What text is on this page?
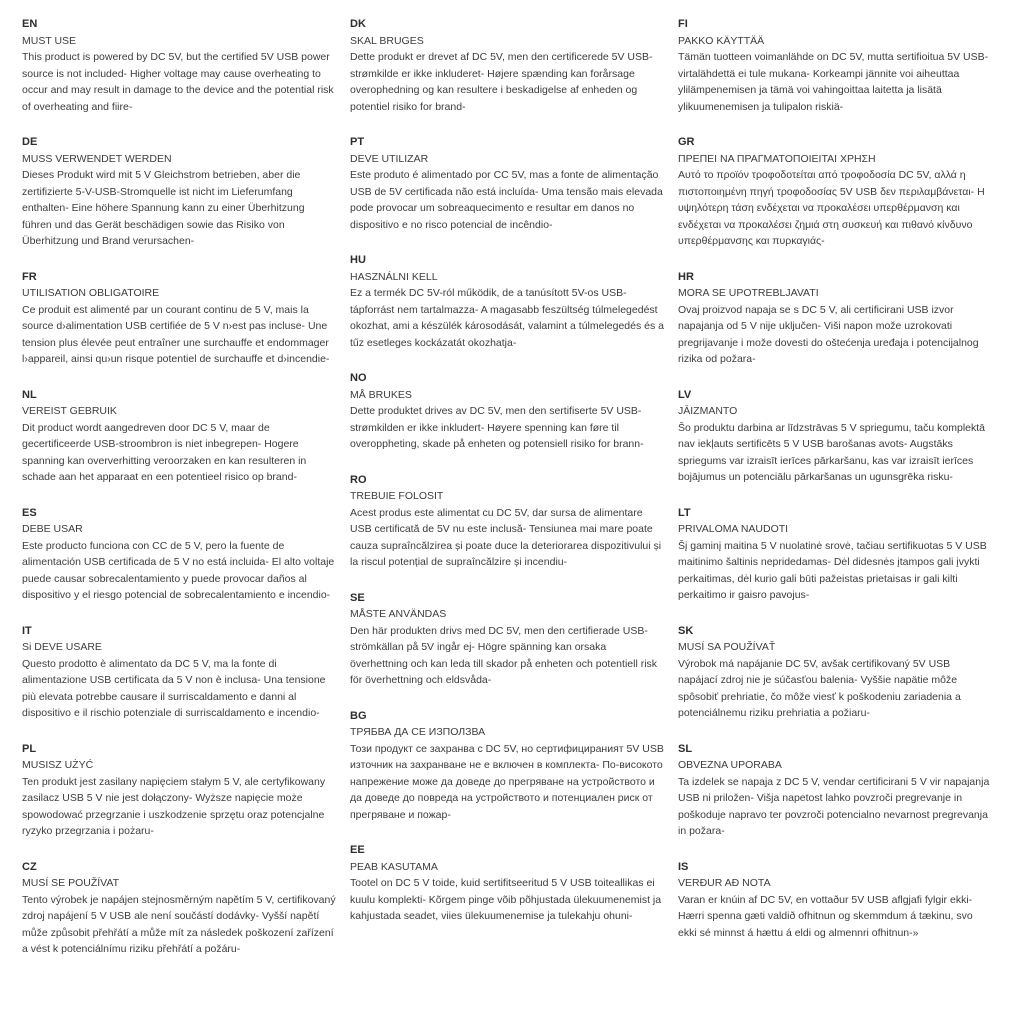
EN
MUST USE

This product is powered by DC 5V, but the certified 5V USB power source is not included- Higher voltage may cause overheating to occur and may result in damage to the device and the potential risk of overheating and fiire-

DE
MUSS VERWENDET WERDEN

Dieses Produkt wird mit 5 V Gleichstrom betrieben, aber die zertifizierte 5-V-USB-Stromquelle ist nicht im Lieferumfang enthalten- Eine höhere Spannung kann zu einer Überhitzung führen und das Gerät beschädigen sowie das Risiko von Überhitzung und Brand verursachen-

FR
UTILISATION OBLIGATOIRE

Ce produit est alimenté par un courant continu de 5 V, mais la source d›alimentation USB certifiée de 5 V n›est pas incluse- Une tension plus élevée peut entraîner une surchauffe et endommager l›appareil, ainsi qu›un risque potentiel de surchauffe et d›incendie-

NL
VEREIST GEBRUIK

Dit product wordt aangedreven door DC 5 V, maar de gecertificeerde USB-stroombron is niet inbegrepen- Hogere spanning kan oververhitting veroorzaken en kan resulteren in schade aan het apparaat en een potentieel risico op brand-

ES
DEBE USAR

Este producto funciona con CC de 5 V, pero la fuente de alimentación USB certificada de 5 V no está incluida- El alto voltaje puede causar sobrecalentamiento y puede provocar daños al dispositivo y el riesgo potencial de sobrecalentamiento e incendio-

IT
Si DEVE USARE

Questo prodotto è alimentato da DC 5 V, ma la fonte di alimentazione USB certificata da 5 V non è inclusa- Una tensione più elevata potrebbe causare il surriscaldamento e danni al dispositivo e il rischio potenziale di surriscaldamento e incendio-

PL
MUSISZ UŻYĆ

Ten produkt jest zasilany napięciem stałym 5 V, ale certyfikowany zasilacz USB 5 V nie jest dołączony- Wyższe napięcie może spowodować przegrzanie i uszkodzenie sprzętu oraz potencjalne ryzyko przegrzania i pożaru-

CZ
MUSÍ SE POUŽÍVAT

Tento výrobek je napájen stejnosměrným napětím 5 V, certifikovaný zdroj napájení 5 V USB ale není součástí dodávky- Vyšší napětí může způsobit přehřátí a může mít za následek poškození zařízení a vést k potenciálnímu riziku přehřátí a požáru-

DK
SKAL BRUGES

Dette produkt er drevet af DC 5V, men den certificerede 5V USB-strømkilde er ikke inkluderet- Højere spænding kan forårsage overophedning og kan resultere i beskadigelse af enheden og potentiel risiko for brand-

PT
DEVE UTILIZAR

Este produto é alimentado por CC 5V, mas a fonte de alimentação USB de 5V certificada não está incluída- Uma tensão mais elevada pode provocar um sobreaquecimento e resultar em danos no dispositivo e no risco potencial de incêndio-

HU
HASZNÁLNI KELL

Ez a termék DC 5V-ról működik, de a tanúsított 5V-os USB-tápforrást nem tartalmazza- A magasabb feszültség túlmelegedést okozhat, ami a készülék károsodását, valamint a túlmelegedés és a tűz esetleges kockázatát okozhatja-

NO
MÅ BRUKES

Dette produktet drives av DC 5V, men den sertifiserte 5V USB-strømkilden er ikke inkludert- Høyere spenning kan føre til overoppheting, skade på enheten og potensiell risiko for brann-

RO
TREBUIE FOLOSIT

Acest produs este alimentat cu DC 5V, dar sursa de alimentare USB certificată de 5V nu este inclusă- Tensiunea mai mare poate cauza supraîncălzirea și poate duce la deteriorarea dispozitivului și la riscul potențial de supraîncălzire și incendiu-

SE
MÅSTE ANVÄNDAS

Den här produkten drivs med DC 5V, men den certifierade USB-strömkällan på 5V ingår ej- Högre spänning kan orsaka överhettning och kan leda till skador på enheten och potentiell risk för överhettning och eldsvåda-

BG
ТРЯБВА ДА СЕ ИЗПОЛЗВА

Този продукт се захранва с DC 5V, но сертифицираният 5V USB източник на захранване не е включен в комплекта- По-високото напрежение може да доведе до прегряване на устройството и да доведе до повреда на устройството и потенциален риск от прегряване и пожар-

EE
PEAB KASUTAMA

Tootel on DC 5 V toide, kuid sertifitseeritud 5 V USB toiteallikas ei kuulu komplekti- Kõrgem pinge võib põhjustada ülekuumenemist ja kahjustada seadet, viies ülekuumenemise ja tulekahju ohuni-

FI
PAKKO KÄYTTÄÄ

Tämän tuotteen voimanlähde on DC 5V, mutta sertifioitua 5V USB-virtalähdettä ei tule mukana- Korkeampi jännite voi aiheuttaa ylilämpenemisen ja tämä voi vahingoittaa laitetta ja lisätä ylikuumenemisen ja tulipalon riskiä-

GR
ΠΡΕΠΕΙ ΝΑ ΠΡΑΓΜΑΤΟΠΟΙΕΙΤΑΙ ΧΡΗΣΗ

Αυτό το προϊόν τροφοδοτείται από τροφοδοσία DC 5V, αλλά η πιστοποιημένη πηγή τροφοδοσίας 5V USB δεν περιλαμβάνεται- Η υψηλότερη τάση ενδέχεται να προκαλέσει υπερθέρμανση και ενδέχεται να προκαλέσει ζημιά στη συσκευή και πιθανό κίνδυνο υπερθέρμανσης και πυρκαγιάς-

HR
MORA SE UPOTREBLJAVATI

Ovaj proizvod napaja se s DC 5 V, ali certificirani USB izvor napajanja od 5 V nije uključen- Viši napon može uzrokovati pregrijavanje i može dovesti do oštećenja uređaja i potencijalnog rizika od požara-

LV
JĀIZMANTO

Šo produktu darbina ar līdzstrāvas 5 V spriegumu, taču komplektā nav iekļauts sertificēts 5 V USB barošanas avots- Augstāks spriegums var izraisīt ierīces pārkaršanu, kas var izraisīt ierīces bojājumus un potenciālu pārkaršanas un ugunsgrēka risku-

LT
PRIVALOMA NAUDOTI

Šį gaminį maitina 5 V nuolatinė srovė, tačiau sertifikuotas 5 V USB maitinimo šaltinis nepridedamas- Dėl didesnės įtampos gali įvykti perkaitimas, dėl kurio gali būti pažeistas prietaisas ir gali kilti perkaitimo ir gaisro pavojus-

SK
MUSÍ SA POUŽÍVAŤ

Výrobok má napájanie DC 5V, avšak certifikovaný 5V USB napájací zdroj nie je súčasťou balenia- Vyššie napätie môže spôsobiť prehriatie, čo môže viesť k poškodeniu zariadenia a potenciálnemu riziku prehriatia a požiaru-

SL
OBVEZNA UPORABA

Ta izdelek se napaja z DC 5 V, vendar certificirani 5 V vir napajanja USB ni priložen- Višja napetost lahko povzroči pregrevanje in poškoduje napravo ter povzroči potencialno nevarnost pregrevanja in požara-

IS
VERÐUR AÐ NOTA

Varan er knúin af DC 5V, en vottaður 5V USB aflgjafi fylgir ekki- Hærri spenna gæti valdið ofhitnun og skemmdum á tækinu, svo ekki sé minnst á hættu á eldi og almennri ofhitnun-»
